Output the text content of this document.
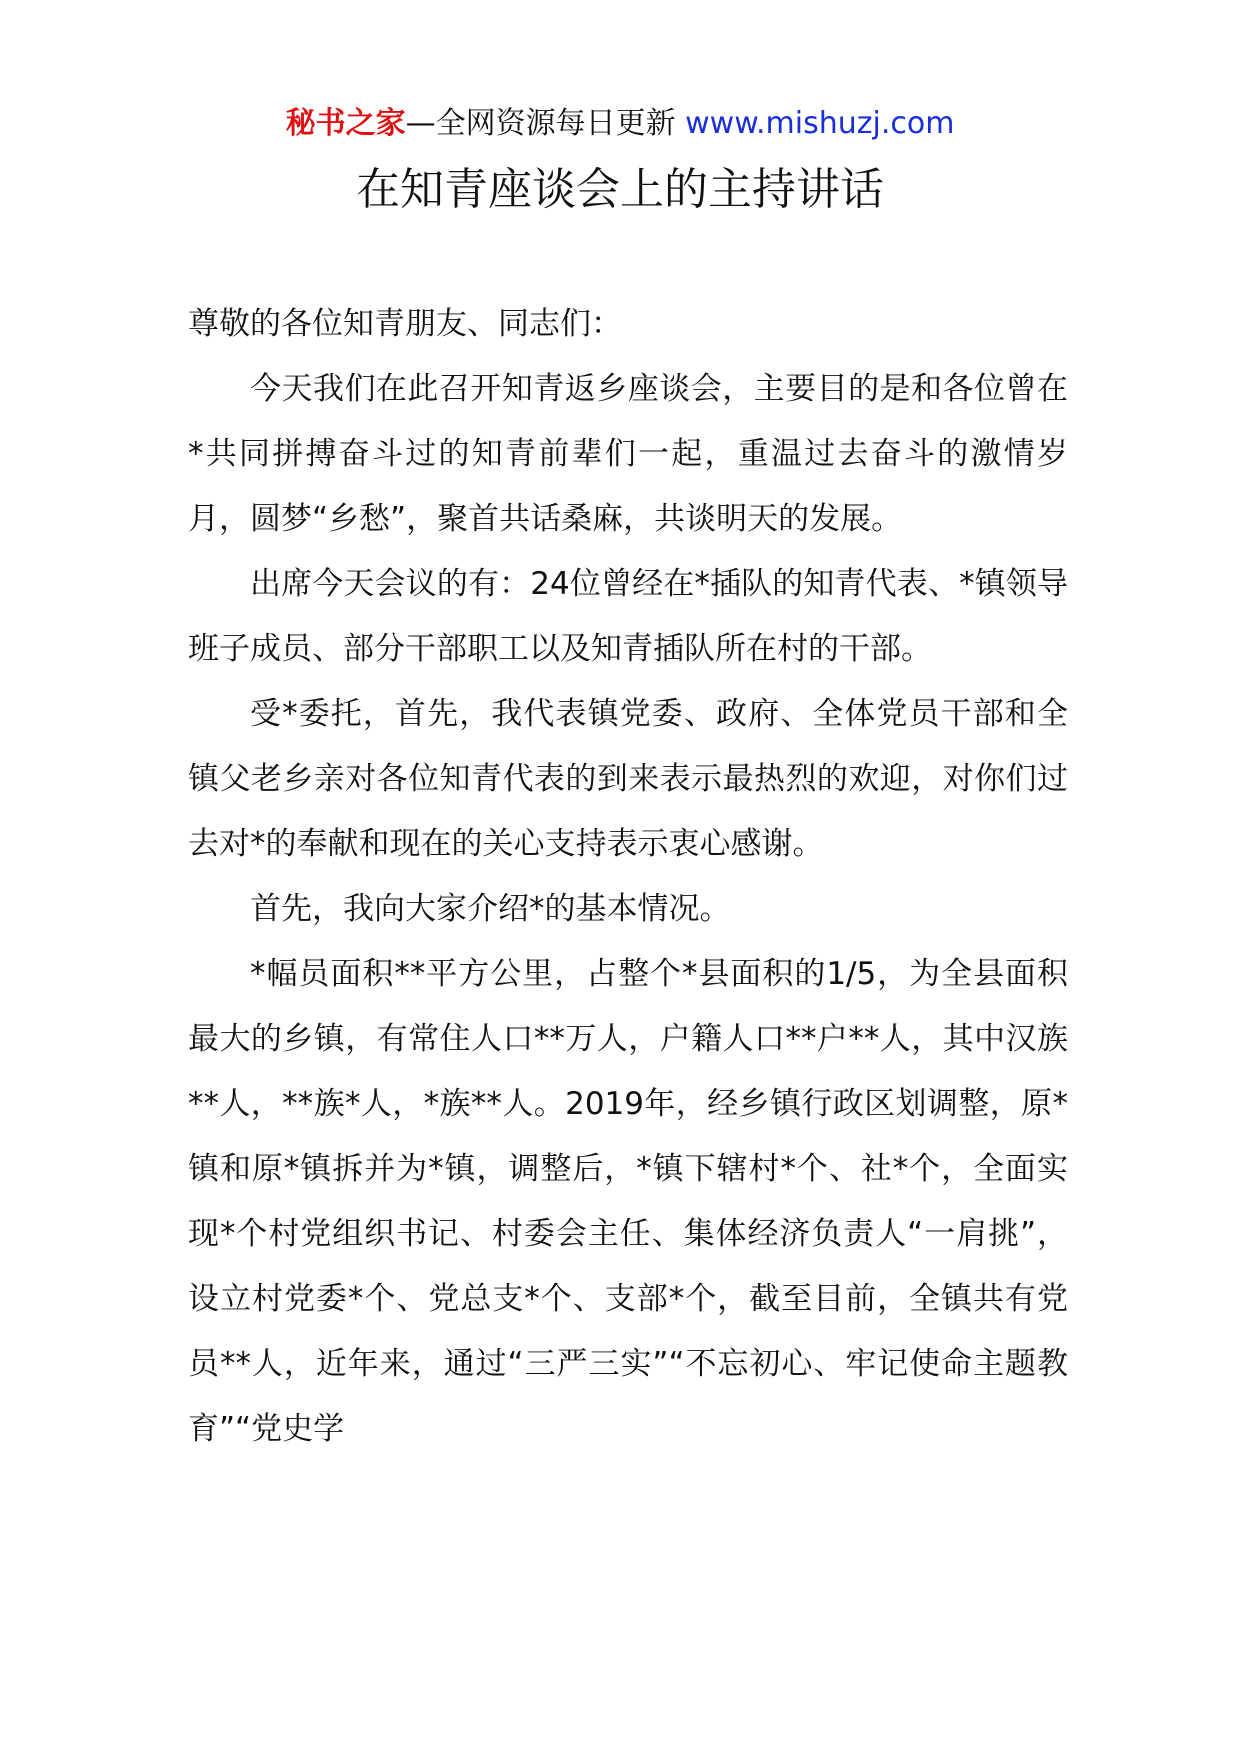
秘书之家—全网资源每日更新 www.mishuzj.com
在知青座谈会上的主持讲话

尊敬的各位知青朋友、同志们：

今天我们在此召开知青返乡座谈会，主要目的是和各位曾在*共同拼搏奋斗过的知青前辈们一起，重温过去奋斗的激情岁月，圆梦“乡愁”，聚首共话桑麻，共谈明天的发展。

出席今天会议的有：24位曾经在*插队的知青代表、*镇领导班子成员、部分干部职工以及知青插队所在村的干部。

受*委托，首先，我代表镇党委、政府、全体党员干部和全镇父老乡亲对各位知青代表的到来表示最热烈的欢迎，对你们过去对*的奉献和现在的关心支持表示衷心感谢。

首先，我向大家介绍*的基本情况。

*幅员面积**平方公里，占整个*县面积的1/5，为全县面积最大的乡镇，有常住人口**万人，户籍人口**户**人，其中汉族**人，**族*人，*族**人。2019年，经乡镇行政区划调整，原*镇和原*镇拆并为*镇，调整后，*镇下辖村*个、社*个，全面实现*个村党组织书记、村委会主任、集体经济负责人“一肩挑”，设立村党委*个、党总支*个、支部*个，截至目前，全镇共有党员**人，近年来，通过“三严三实”“不忘初心、牢记使命主题教育”“党史学
